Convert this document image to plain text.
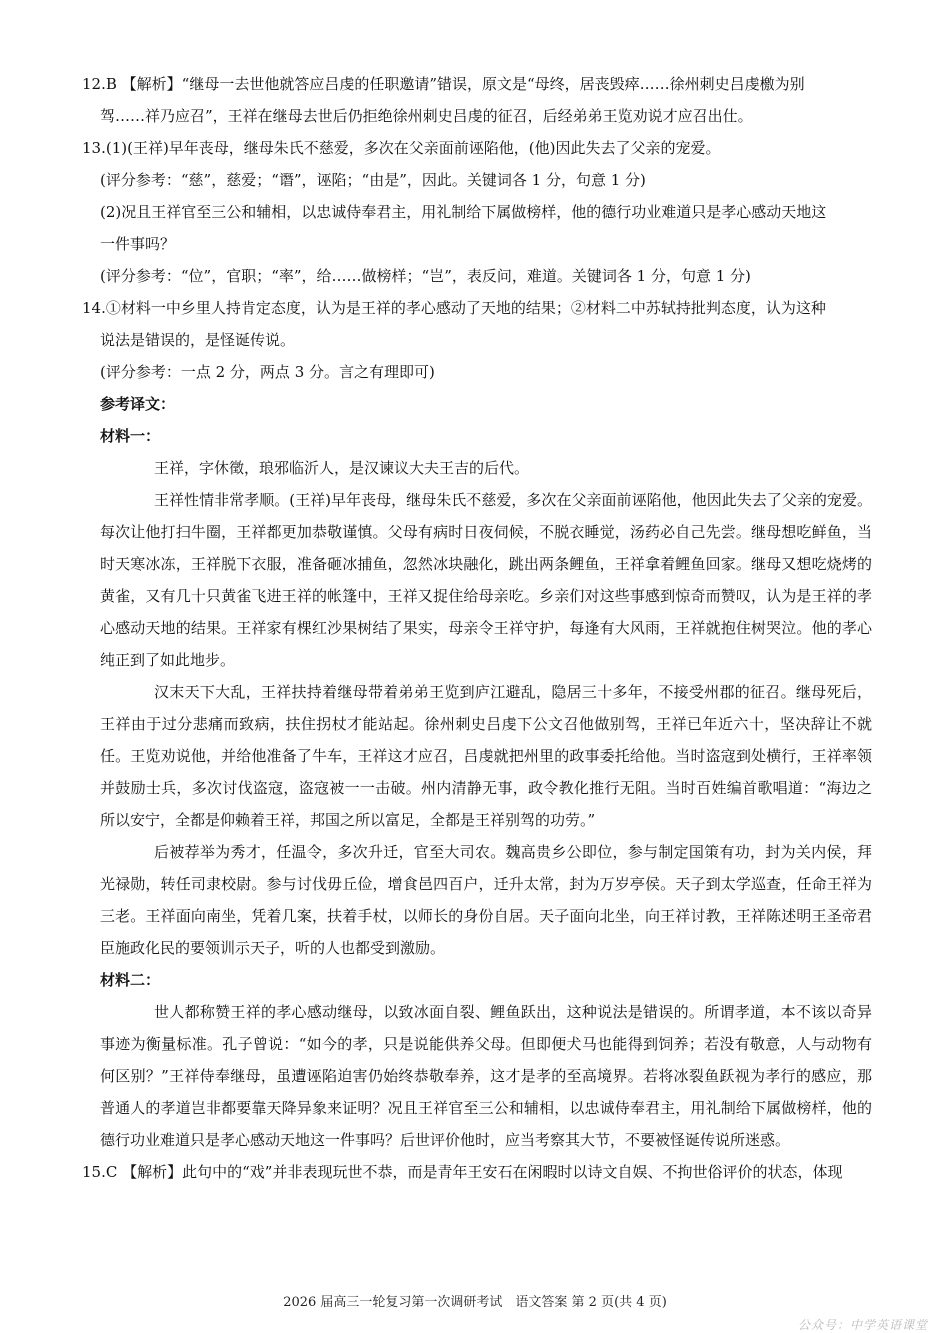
12.B 【解析】“继母一去世他就答应吕虔的任职邀请”错误，原文是“母终，居丧毁瘁……徐州刺史吕虔檄为别

驾……祥乃应召”，王祥在继母去世后仍拒绝徐州刺史吕虔的征召，后经弟弟王览劝说才应召出仕。

13.(1)(王祥)早年丧母，继母朱氏不慈爱，多次在父亲面前诬陷他，(他)因此失去了父亲的宠爱。

(评分参考：“慈”，慈爱；“谮”，诬陷；“由是”，因此。关键词各 1 分，句意 1 分)

(2)况且王祥官至三公和辅相，以忠诚侍奉君主，用礼制给下属做榜样，他的德行功业难道只是孝心感动天地这

一件事吗？

(评分参考：“位”，官职；“率”，给……做榜样；“岂”，表反问，难道。关键词各 1 分，句意 1 分)

14.①材料一中乡里人持肯定态度，认为是王祥的孝心感动了天地的结果；②材料二中苏轼持批判态度，认为这种

说法是错误的，是怪诞传说。

(评分参考：一点 2 分，两点 3 分。言之有理即可)

参考译文：

材料一：

王祥，字休徵，琅邪临沂人，是汉谏议大夫王吉的后代。

王祥性情非常孝顺。(王祥)早年丧母，继母朱氏不慈爱，多次在父亲面前诬陷他，他因此失去了父亲的宠爱。每次让他打扫牛圈，王祥都更加恭敬谨慎。父母有病时日夜伺候，不脱衣睡觉，汤药必自己先尝。继母想吃鲜鱼，当时天寒冰冻，王祥脱下衣服，准备砸冰捕鱼，忽然冰块融化，跳出两条鲤鱼，王祥拿着鲤鱼回家。继母又想吃烧烤的黄雀，又有几十只黄雀飞进王祥的帐篷中，王祥又捉住给母亲吃。乡亲们对这些事感到惊奇而赞叹，认为是王祥的孝心感动天地的结果。王祥家有棵红沙果树结了果实，母亲令王祥守护，每逢有大风雨，王祥就抱住树哭泣。他的孝心纯正到了如此地步。

汉末天下大乱，王祥扶持着继母带着弟弟王览到庐江避乱，隐居三十多年，不接受州郡的征召。继母死后，王祥由于过分悲痛而致病，扶住拐杖才能站起。徐州刺史吕虔下公文召他做别驾，王祥已年近六十，坚决辞让不就任。王览劝说他，并给他准备了牛车，王祥这才应召，吕虔就把州里的政事委托给他。当时盗寇到处横行，王祥率领并鼓励士兵，多次讨伐盗寇，盗寇被一一击破。州内清静无事，政令教化推行无阻。当时百姓编首歌唱道：“海边之所以安宁，全都是仰赖着王祥，邦国之所以富足，全都是王祥别驾的功劳。”

后被荐举为秀才，任温令，多次升迁，官至大司农。魏高贵乡公即位，参与制定国策有功，封为关内侯，拜光禄勋，转任司隶校尉。参与讨伐毋丘俭，增食邑四百户，迁升太常，封为万岁亭侯。天子到太学巡查，任命王祥为三老。王祥面向南坐，凭着几案，扶着手杖，以师长的身份自居。天子面向北坐，向王祥讨教，王祥陈述明王圣帝君臣施政化民的要领训示天子，听的人也都受到激励。

材料二：

世人都称赞王祥的孝心感动继母，以致冰面自裂、鲤鱼跃出，这种说法是错误的。所谓孝道，本不该以奇异事迹为衡量标准。孔子曾说：“如今的孝，只是说能供养父母。但即便犬马也能得到饲养；若没有敬意，人与动物有何区别？”王祥侍奉继母，虽遭诬陷迫害仍始终恭敬奉养，这才是孝的至高境界。若将冰裂鱼跃视为孝行的感应，那普通人的孝道岂非都要靠天降异象来证明？况且王祥官至三公和辅相，以忠诚侍奉君主，用礼制给下属做榜样，他的德行功业难道只是孝心感动天地这一件事吗？后世评价他时，应当考察其大节，不要被怪诞传说所迷惑。

15.C 【解析】此句中的“戏”并非表现玩世不恭，而是青年王安石在闲暇时以诗文自娱、不拘世俗评价的状态，体现

2026 届高三一轮复习第一次调研考试　语文答案 第 2 页(共 4 页)
公众号：中学英语课堂
